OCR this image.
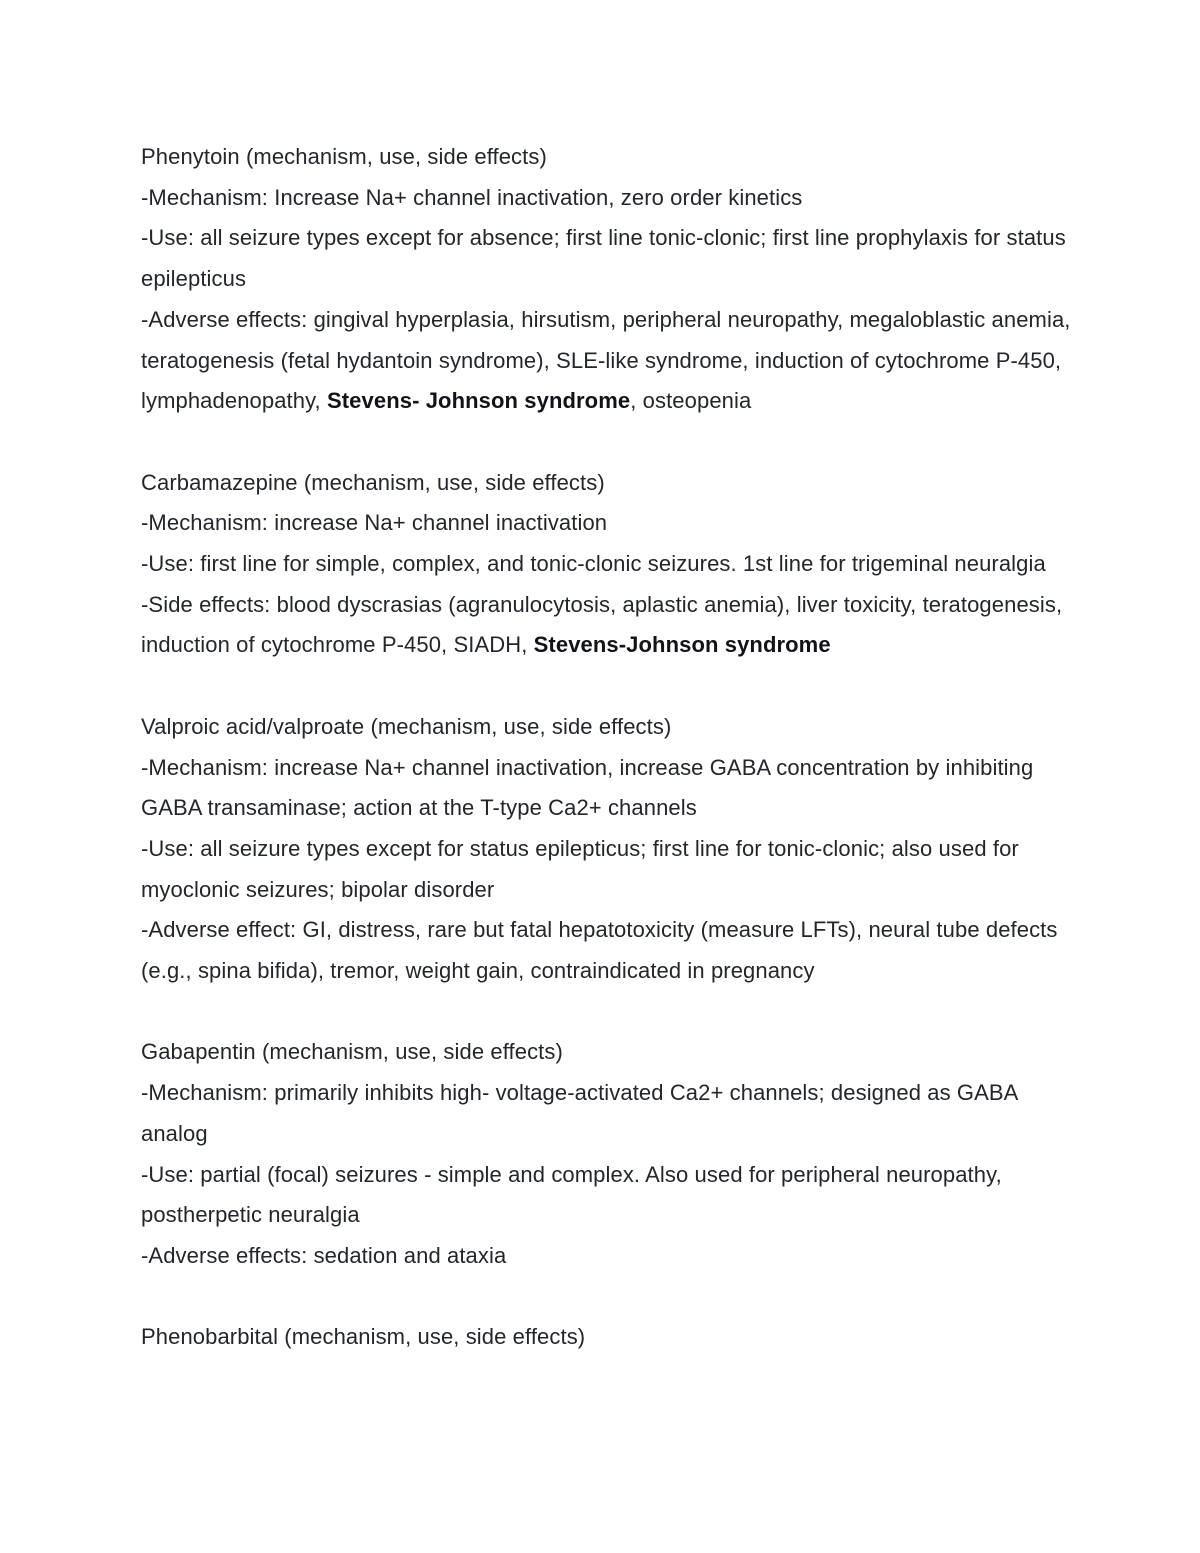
Phenytoin (mechanism, use, side effects)

-Mechanism: Increase Na+ channel inactivation, zero order kinetics

-Use: all seizure types except for absence; first line tonic-clonic; first line prophylaxis for status epilepticus

-Adverse effects: gingival hyperplasia, hirsutism, peripheral neuropathy, megaloblastic anemia, teratogenesis (fetal hydantoin syndrome), SLE-like syndrome, induction of cytochrome P-450, lymphadenopathy, Stevens- Johnson syndrome, osteopenia

Carbamazepine (mechanism, use, side effects)

-Mechanism: increase Na+ channel inactivation

-Use: first line for simple, complex, and tonic-clonic seizures. 1st line for trigeminal neuralgia

-Side effects: blood dyscrasias (agranulocytosis, aplastic anemia), liver toxicity, teratogenesis, induction of cytochrome P-450, SIADH, Stevens-Johnson syndrome

Valproic acid/valproate (mechanism, use, side effects)

-Mechanism: increase Na+ channel inactivation, increase GABA concentration by inhibiting GABA transaminase; action at the T-type Ca2+ channels

-Use: all seizure types except for status epilepticus; first line for tonic-clonic; also used for myoclonic seizures; bipolar disorder

-Adverse effect: GI, distress, rare but fatal hepatotoxicity (measure LFTs), neural tube defects (e.g., spina bifida), tremor, weight gain, contraindicated in pregnancy

Gabapentin (mechanism, use, side effects)

-Mechanism: primarily inhibits high- voltage-activated Ca2+ channels; designed as GABA analog

-Use: partial (focal) seizures - simple and complex. Also used for peripheral neuropathy, postherpetic neuralgia

-Adverse effects: sedation and ataxia

Phenobarbital (mechanism, use, side effects)
